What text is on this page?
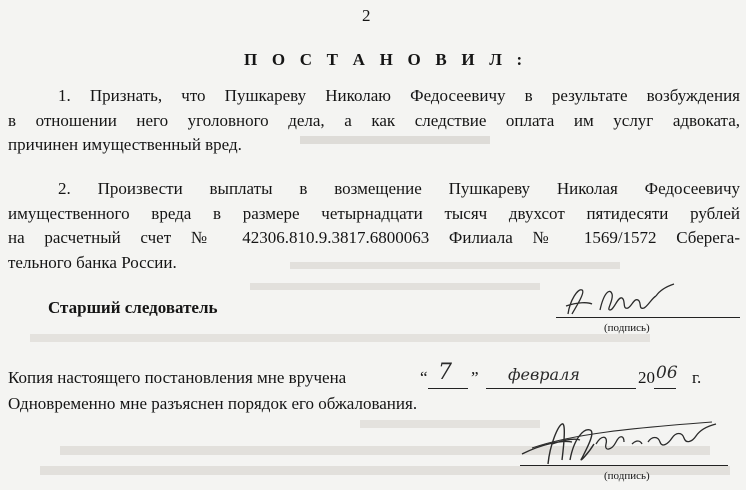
2
П О С Т А Н О В И Л :
1. Признать, что Пушкареву Николаю Федосеевичу в результате возбуждения
в отношении него уголовного дела, а как следствие оплата им услуг адвоката,
причинен имущественный вред.
2. Произвести выплаты в возмещение Пушкареву Николая Федосеевичу
имущественного вреда в размере четырнадцати тысяч двухсот пятидесяти рублей
на расчетный счет № 42306.810.9.3817.6800063 Филиала № 1569/1572 Сберега-
тельного банка России.
Старший следователь
(подпись)
Копия настоящего постановления мне вручена	“ 7 ” февраля	20 06 г.
Одновременно мне разъяснен порядок его обжалования.
(подпись)
